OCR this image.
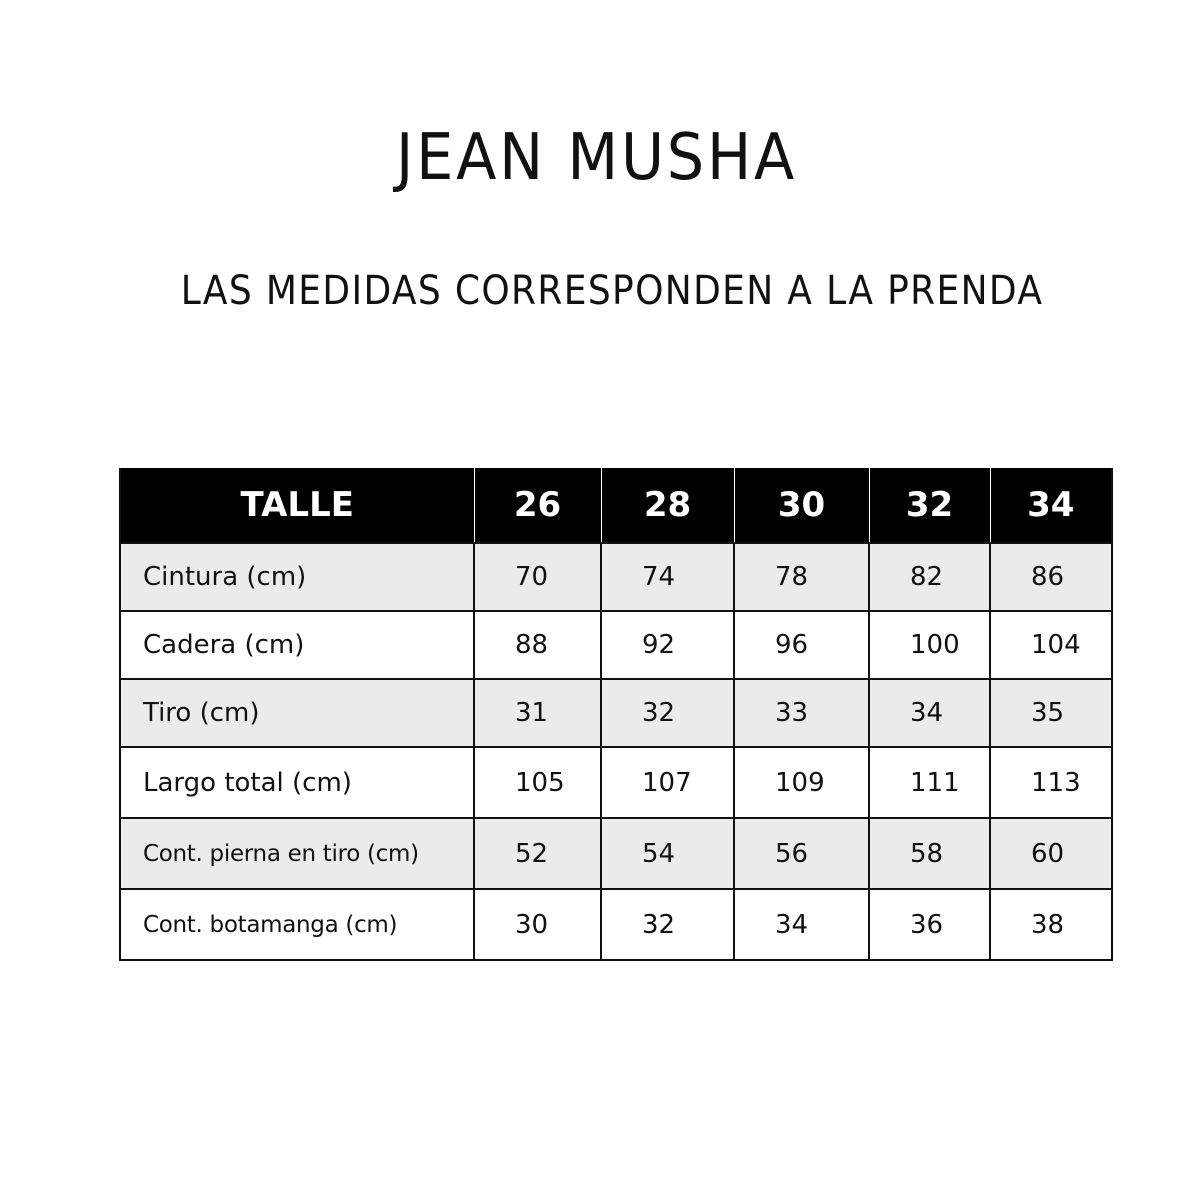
JEAN MUSHA
LAS MEDIDAS CORRESPONDEN A LA PRENDA
TALLE	26	28	30	32	34
Cintura (cm)	70	74	78	82	86
Cadera (cm)	88	92	96	100	104
Tiro (cm)	31	32	33	34	35
Largo total (cm)	105	107	109	111	113
Cont. pierna en tiro (cm)	52	54	56	58	60
Cont. botamanga (cm)	30	32	34	36	38
